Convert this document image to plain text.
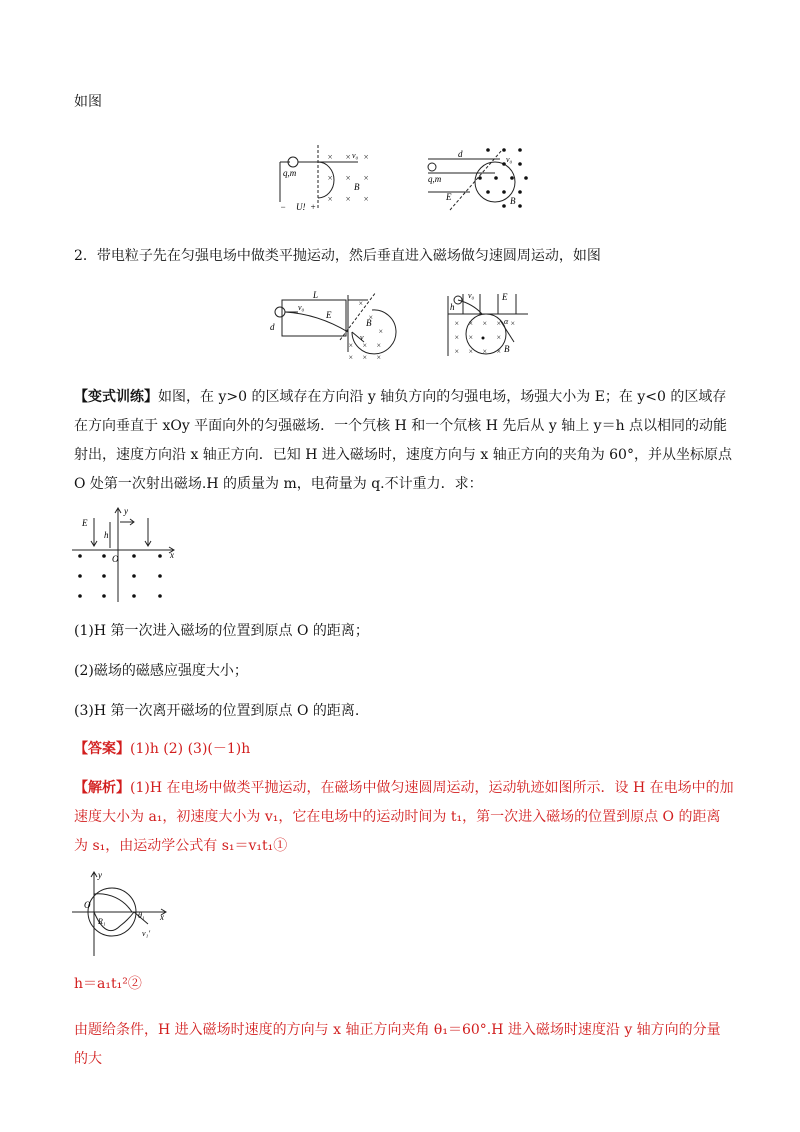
如图

× × ×
× × ×
× × ×
q,m
v₀
B
− U! +
d
v₀
q,m
E	B

2．带电粒子先在匀强电场中做类平抛运动，然后垂直进入磁场做匀速圆周运动，如图

×
×
×
× × ×
× × ×
L
v₀
E
d	B
v
× × × × ×
× ×	×
× × × ×
v₀	E
h
α
B

【变式训练】如图，在 y>0 的区域存在方向沿 y 轴负方向的匀强电场，场强大小为 E；在 y<0 的区域存在方向垂直于 xOy 平面向外的匀强磁场．一个氕核 H 和一个氘核 H 先后从 y 轴上 y＝h 点以相同的动能射出，速度方向沿 x 轴正方向．已知 H 进入磁场时，速度方向与 x 轴正方向的夹角为 60°，并从坐标原点 O 处第一次射出磁场.H 的质量为 m，电荷量为 q.不计重力．求：

y
x
E
h
O

(1)H 第一次进入磁场的位置到原点 O 的距离；

(2)磁场的磁感应强度大小；

(3)H 第一次离开磁场的位置到原点 O 的距离.

【答案】(1)h (2) (3)(－1)h

【解析】(1)H 在电场中做类平抛运动，在磁场中做匀速圆周运动，运动轨迹如图所示．设 H 在电场中的加速度大小为 a₁，初速度大小为 v₁，它在电场中的运动时间为 t₁，第一次进入磁场的位置到原点 O 的距离为 s₁，由运动学公式有 s₁＝v₁t₁①

y
x
O
R₁
θ₁
v₁′

h＝a₁t₁²②

由题给条件，H 进入磁场时速度的方向与 x 轴正方向夹角 θ₁＝60°.H 进入磁场时速度沿 y 轴方向的分量的大
